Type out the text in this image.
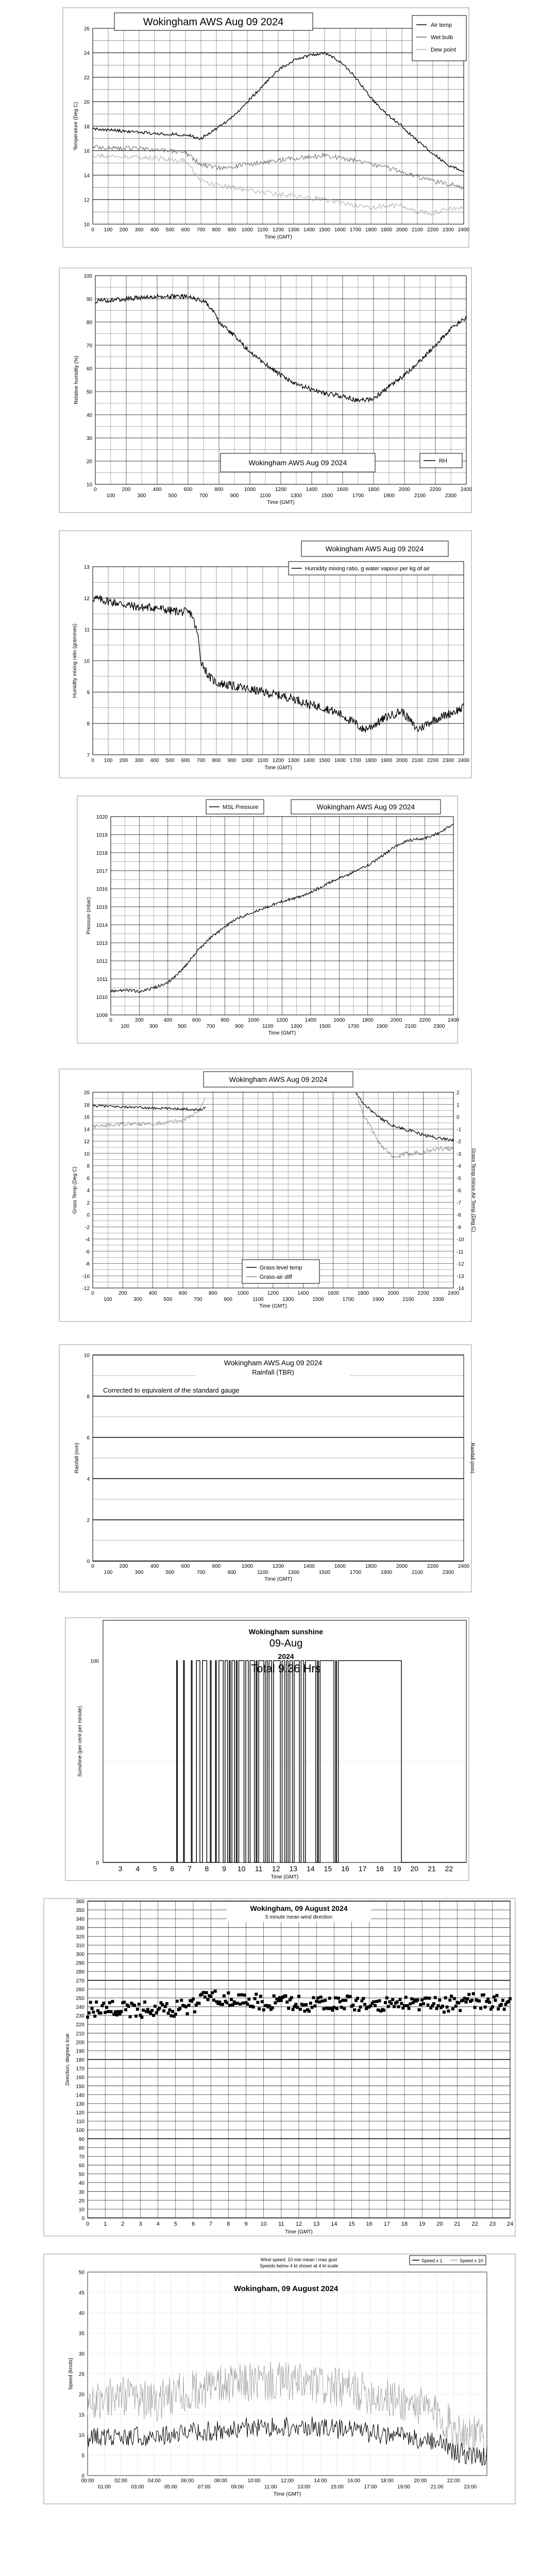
10
12
14
16
18
20
22
24
26
0 100 200 300 400 500 600 700 800 900 1000 1100 1200 1300 1400 1500 1600 1700 1800 1900 2000 2100 2200 2300 2400
Time (GMT)
Temperature (Deg C)
Wokingham AWS Aug 09 2024	Air temp
Wet bulb
Dew point
10
20
30
40
50
60
70
80
90
100
0	200	400	600	800	1000	1200	1400	1600	1800	2000	2200	2400
100	300	500	700	900	1100	1300	1500	1700	1900	2100	2300
Time (GMT)
Relative humidity (%)
Wokingham AWS Aug 09 2024	RH
7
8
9
10
11
12
13
0 100 200 300 400 500 600 700 800 900 1000 1100 1200 1300 1400 1500 1600 1700 1800 1900 2000 2100 2200 2300 2400
Time (GMT)
Humidity mixing ratio (grammes)
Wokingham AWS Aug 09 2024
Humidity mixing ratio, g water vapour per kg of air
1009
1010
1011
1012
1013
1014
1015
1016
1017
1018
1019
1020
0	200	400	600	800	1000	1200	1400	1600	1800	2000	2200	2400
100	300	500	700	900	1100	1300	1500	1700	1900	2100	2300
Time (GMT)
Pressure (mbar)
MSL Pressure	Wokingham AWS Aug 09 2024
-12
-10
-8
-6
-4
-2
0
2
4
6
8
10
12
14
16
18
20
-14
-13
-12
-11
-10
-9
-8
-7
-6
-5
-4
-3
-2
-1
0
1
2
0	200	400	600	800	1000	1200	1400	1600	1800	2000	2200	2400
100	300	500	700	900	1100	1300	1500	1700	1900	2100	2300
Time (GMT)
Grass Temp (Deg C)	Grass Temp minus Air Temp (Deg C)
Wokingham AWS Aug 09 2024
Grass level temp
Grass-air diff
0
2
4
6
8
10
0	200	400	600	800	1000	1200	1400	1600	1800	2000	2200	2400
100	300	500	700	900	1100	1300	1500	1700	1900	2100	2300
Time (GMT)
Rainfall (mm)	Rainfall (mm)
Wokingham AWS Aug 09 2024
Rainfall (TBR)
Corrected to equivalent of the standard gauge
0
100
3 4 5 6 7 8 9 10 11 12 13 14 15 16 17 18 19 20 21 22
Time (GMT)
Sunshine (per cent per minute)
Wokingham sunshine
09-Aug
2024
Total 9.36 Hrs
0
10
20
30
40
50
60
70
80
90
100
110
120
130
140
150
160
170
180
190
200
210
220
230
240
250
260
270
280
290
300
310
320
330
340
350
360
0	1	2	3	4	5	6	7	8	9 10 11 12 13 14 15 16 17 18 19 20 21 22 23 24
Time (GMT)
Direction, degrees true
Wokingham, 09 August 2024
5 minute mean wind direction
0
5
10
15
20
25
30
35
40
45
50
00:00	02:00	04:00	06:00	08:00	10:00	12:00	14:00	16:00	18:00	20:00	22:00
01:00	03:00	05:00	07:00	09:00	11:00	13:00	15:00	17:00	19:00	21:00	23:00
Time (GMT)
Speed (knots)
Wind speed; 10 min mean / max gust
Speeds below 4 kt shown at 4 kt scale
Wokingham, 09 August 2024
Speed x 1	Speed x 10
